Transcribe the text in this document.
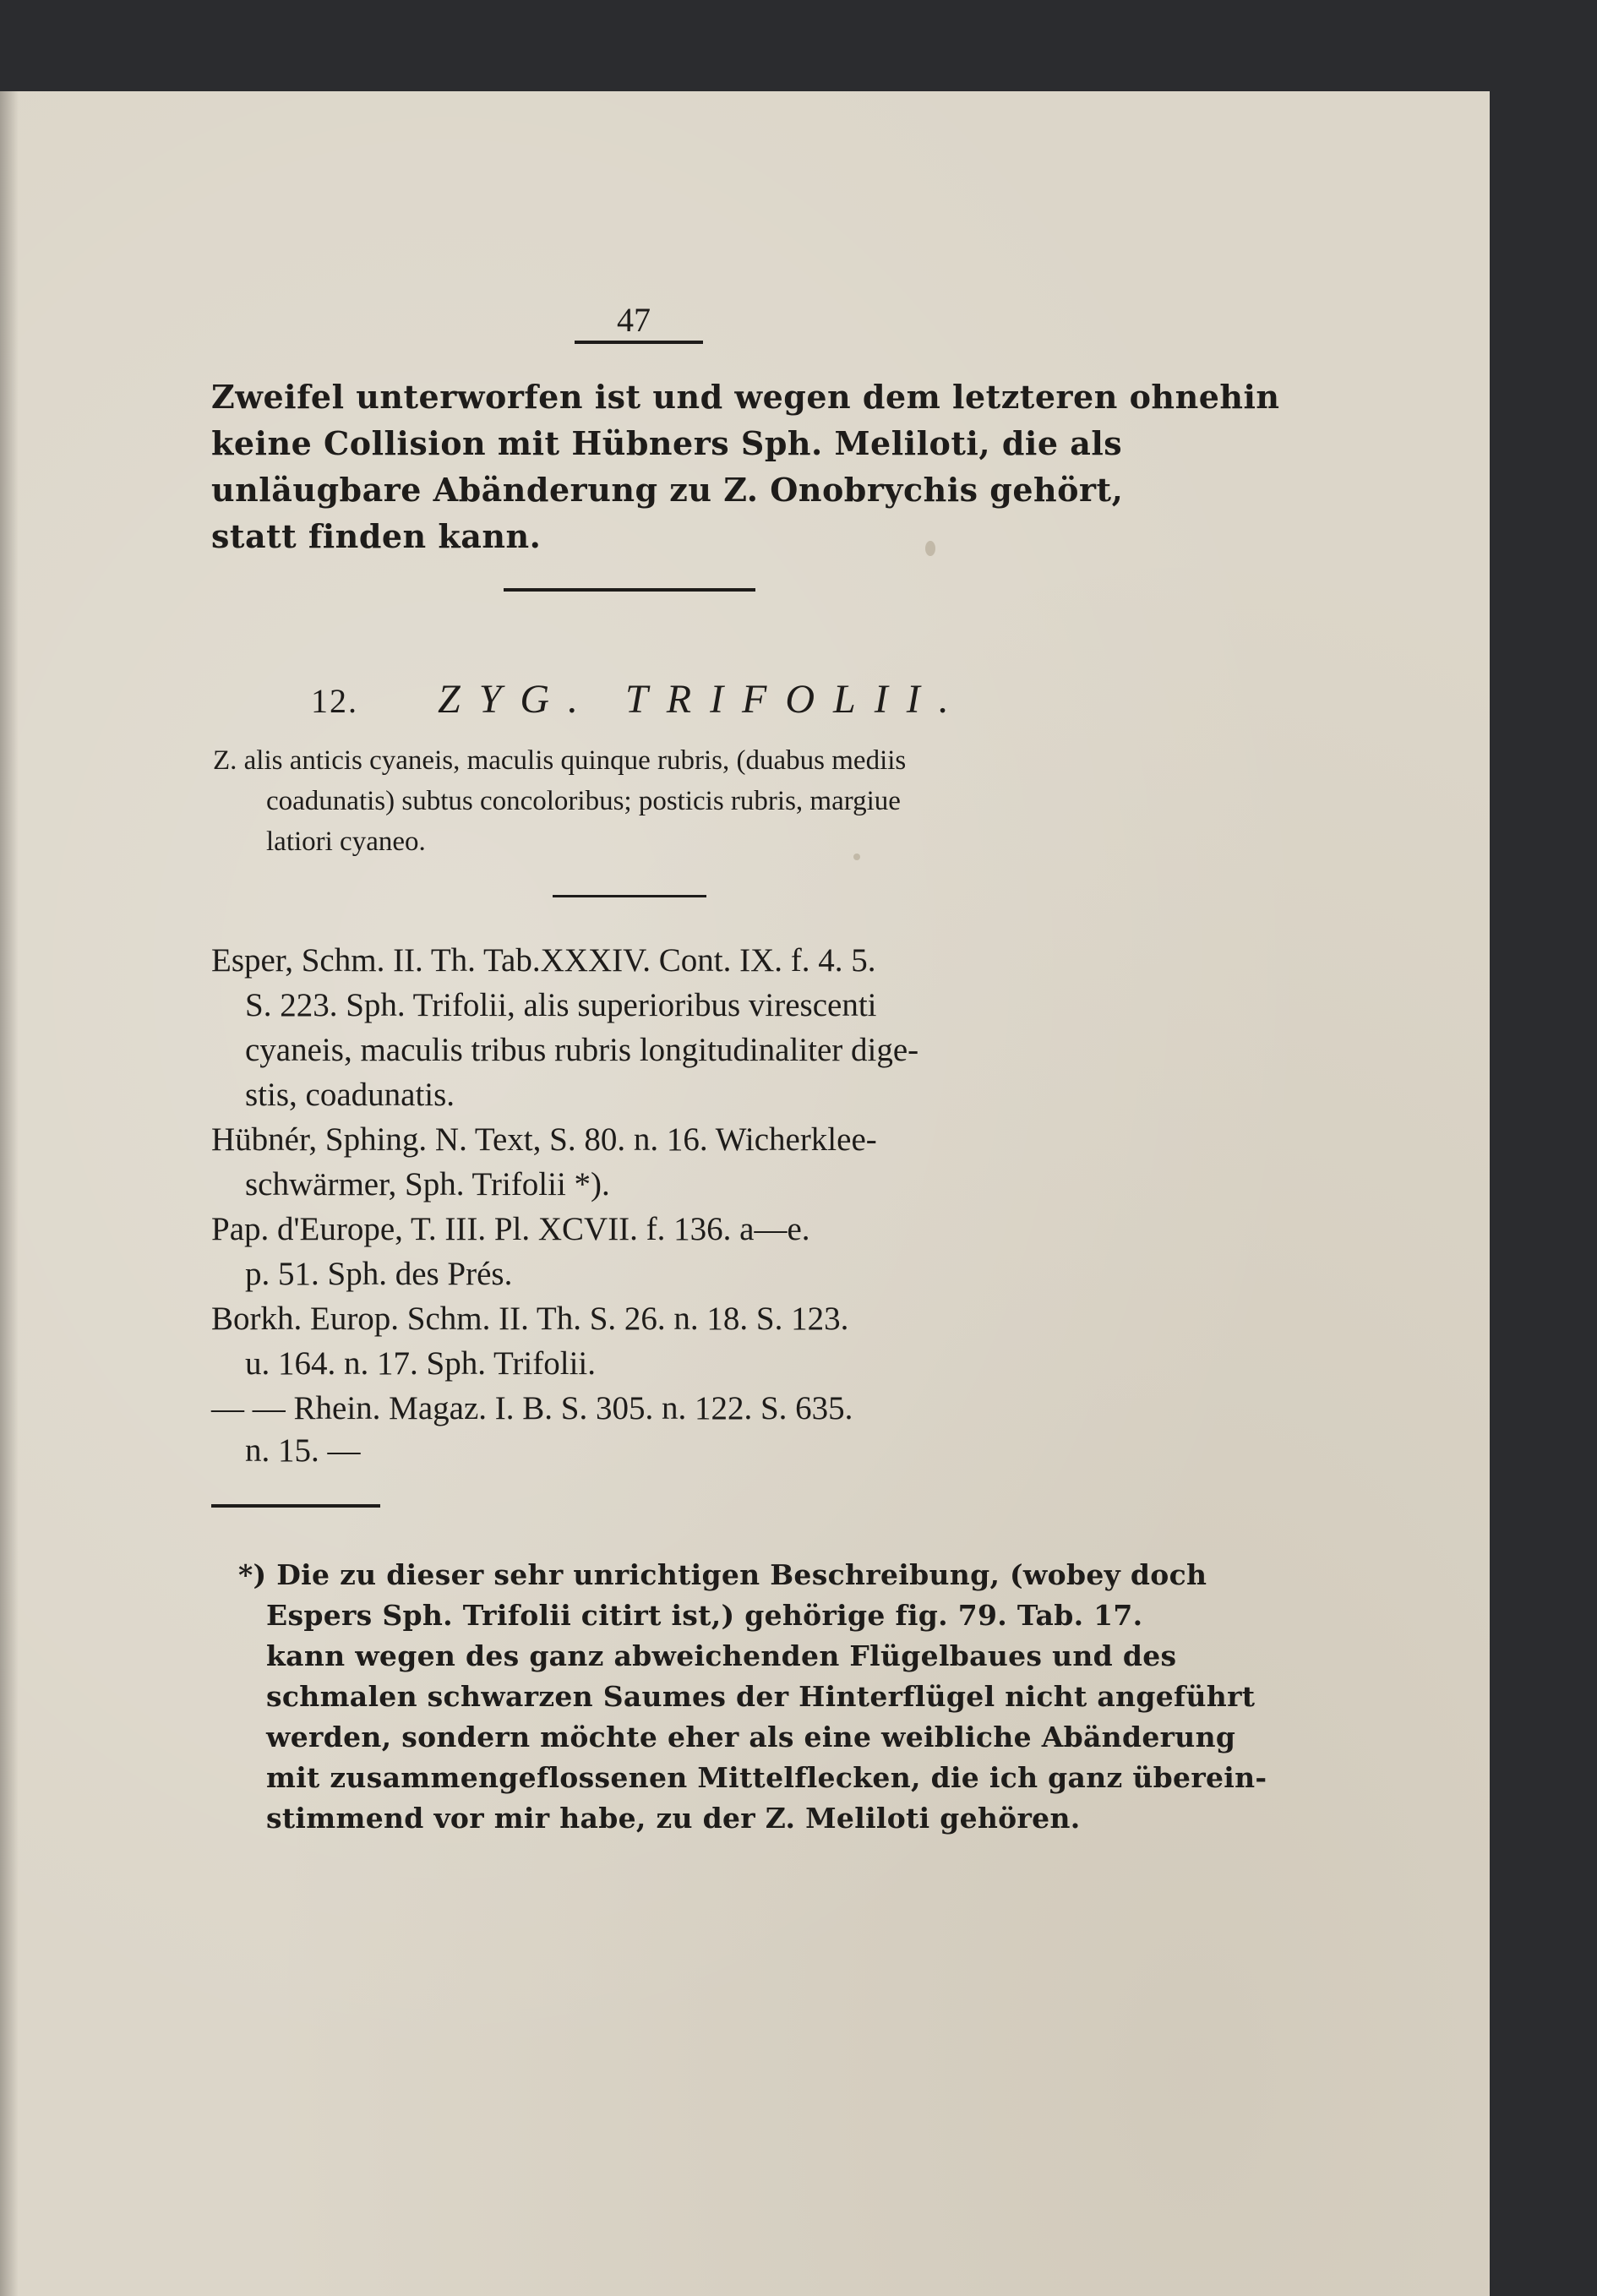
47
Zweifel unterworfen ist und wegen dem letzteren ohnehin
keine Collision mit Hübners Sph. Meliloti, die als
unläugbare Abänderung zu Z. Onobrychis gehört,
statt finden kann.
12. ZYG. TRIFOLII.
Z. alis anticis cyaneis, maculis quinque rubris, (duabus mediis
coadunatis) subtus concoloribus; posticis rubris, margiue
latiori cyaneo.
Esper, Schm. II. Th. Tab.XXXIV. Cont. IX. f. 4. 5.
S. 223. Sph. Trifolii, alis superioribus virescenti
cyaneis, maculis tribus rubris longitudinaliter dige-
stis, coadunatis.
Hübnér, Sphing. N. Text, S. 80. n. 16. Wicherklee-
schwärmer, Sph. Trifolii *).
Pap. d'Europe, T. III. Pl. XCVII. f. 136. a—e.
p. 51. Sph. des Prés.
Borkh. Europ. Schm. II. Th. S. 26. n. 18. S. 123.
u. 164. n. 17. Sph. Trifolii.
— — Rhein. Magaz. I. B. S. 305. n. 122. S. 635.
n. 15. —
*) Die zu dieser sehr unrichtigen Beschreibung, (wobey doch
Espers Sph. Trifolii citirt ist,) gehörige fig. 79. Tab. 17.
kann wegen des ganz abweichenden Flügelbaues und des
schmalen schwarzen Saumes der Hinterflügel nicht angeführt
werden, sondern möchte eher als eine weibliche Abänderung
mit zusammengeflossenen Mittelflecken, die ich ganz überein-
stimmend vor mir habe, zu der Z. Meliloti gehören.
